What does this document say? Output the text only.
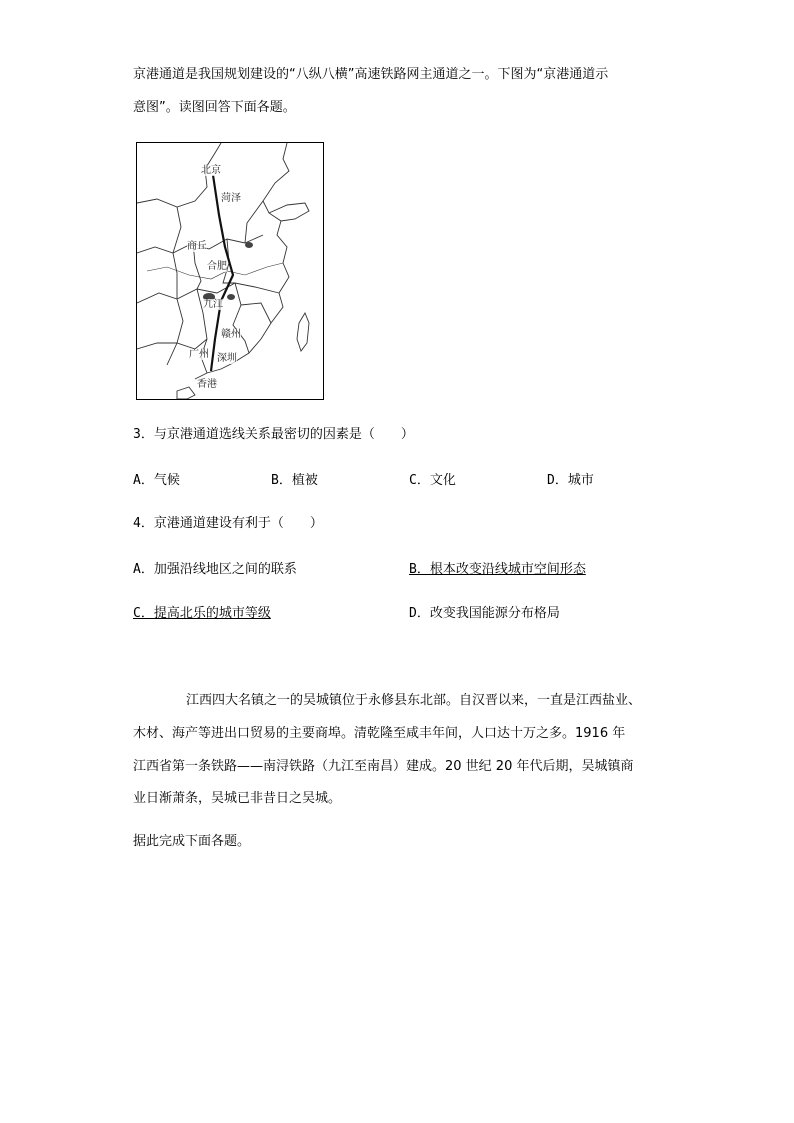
京港通道是我国规划建设的“八纵八横”高速铁路网主通道之一。下图为“京港通道示
意图”。读图回答下面各题。
北京
菏泽
商丘
合肥
九江
赣州
广州 深圳
香港
3．与京港通道选线关系最密切的因素是（　　）
A．气候	B．植被	C．文化	D．城市
4．京港通道建设有利于（　　）
A．加强沿线地区之间的联系	B．根本改变沿线城市空间形态
C．提高北乐的城市等级	D．改变我国能源分布格局
江西四大名镇之一的吴城镇位于永修县东北部。自汉晋以来，一直是江西盐业、
木材、海产等进出口贸易的主要商埠。清乾隆至咸丰年间，人口达十万之多。1916 年
江西省第一条铁路——南浔铁路（九江至南昌）建成。20 世纪 20 年代后期，吴城镇商
业日渐萧条，吴城已非昔日之吴城。
据此完成下面各题。
